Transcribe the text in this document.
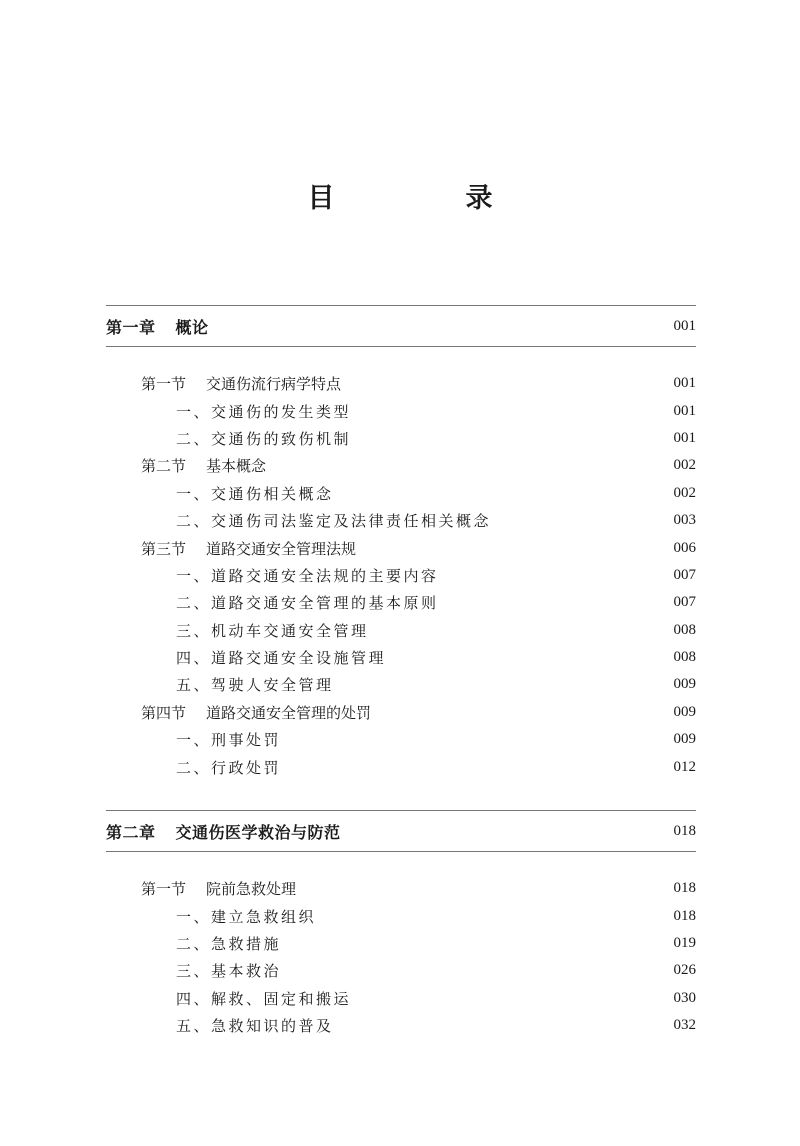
目　录
第一章 概论	001
第一节 交通伤流行病学特点	001
一、交通伤的发生类型	001
二、交通伤的致伤机制	001
第二节 基本概念	002
一、交通伤相关概念	002
二、交通伤司法鉴定及法律责任相关概念	003
第三节 道路交通安全管理法规	006
一、道路交通安全法规的主要内容	007
二、道路交通安全管理的基本原则	007
三、机动车交通安全管理	008
四、道路交通安全设施管理	008
五、驾驶人安全管理	009
第四节 道路交通安全管理的处罚	009
一、刑事处罚	009
二、行政处罚	012
第二章 交通伤医学救治与防范	018
第一节 院前急救处理	018
一、建立急救组织	018
二、急救措施	019
三、基本救治	026
四、解救、固定和搬运	030
五、急救知识的普及	032
